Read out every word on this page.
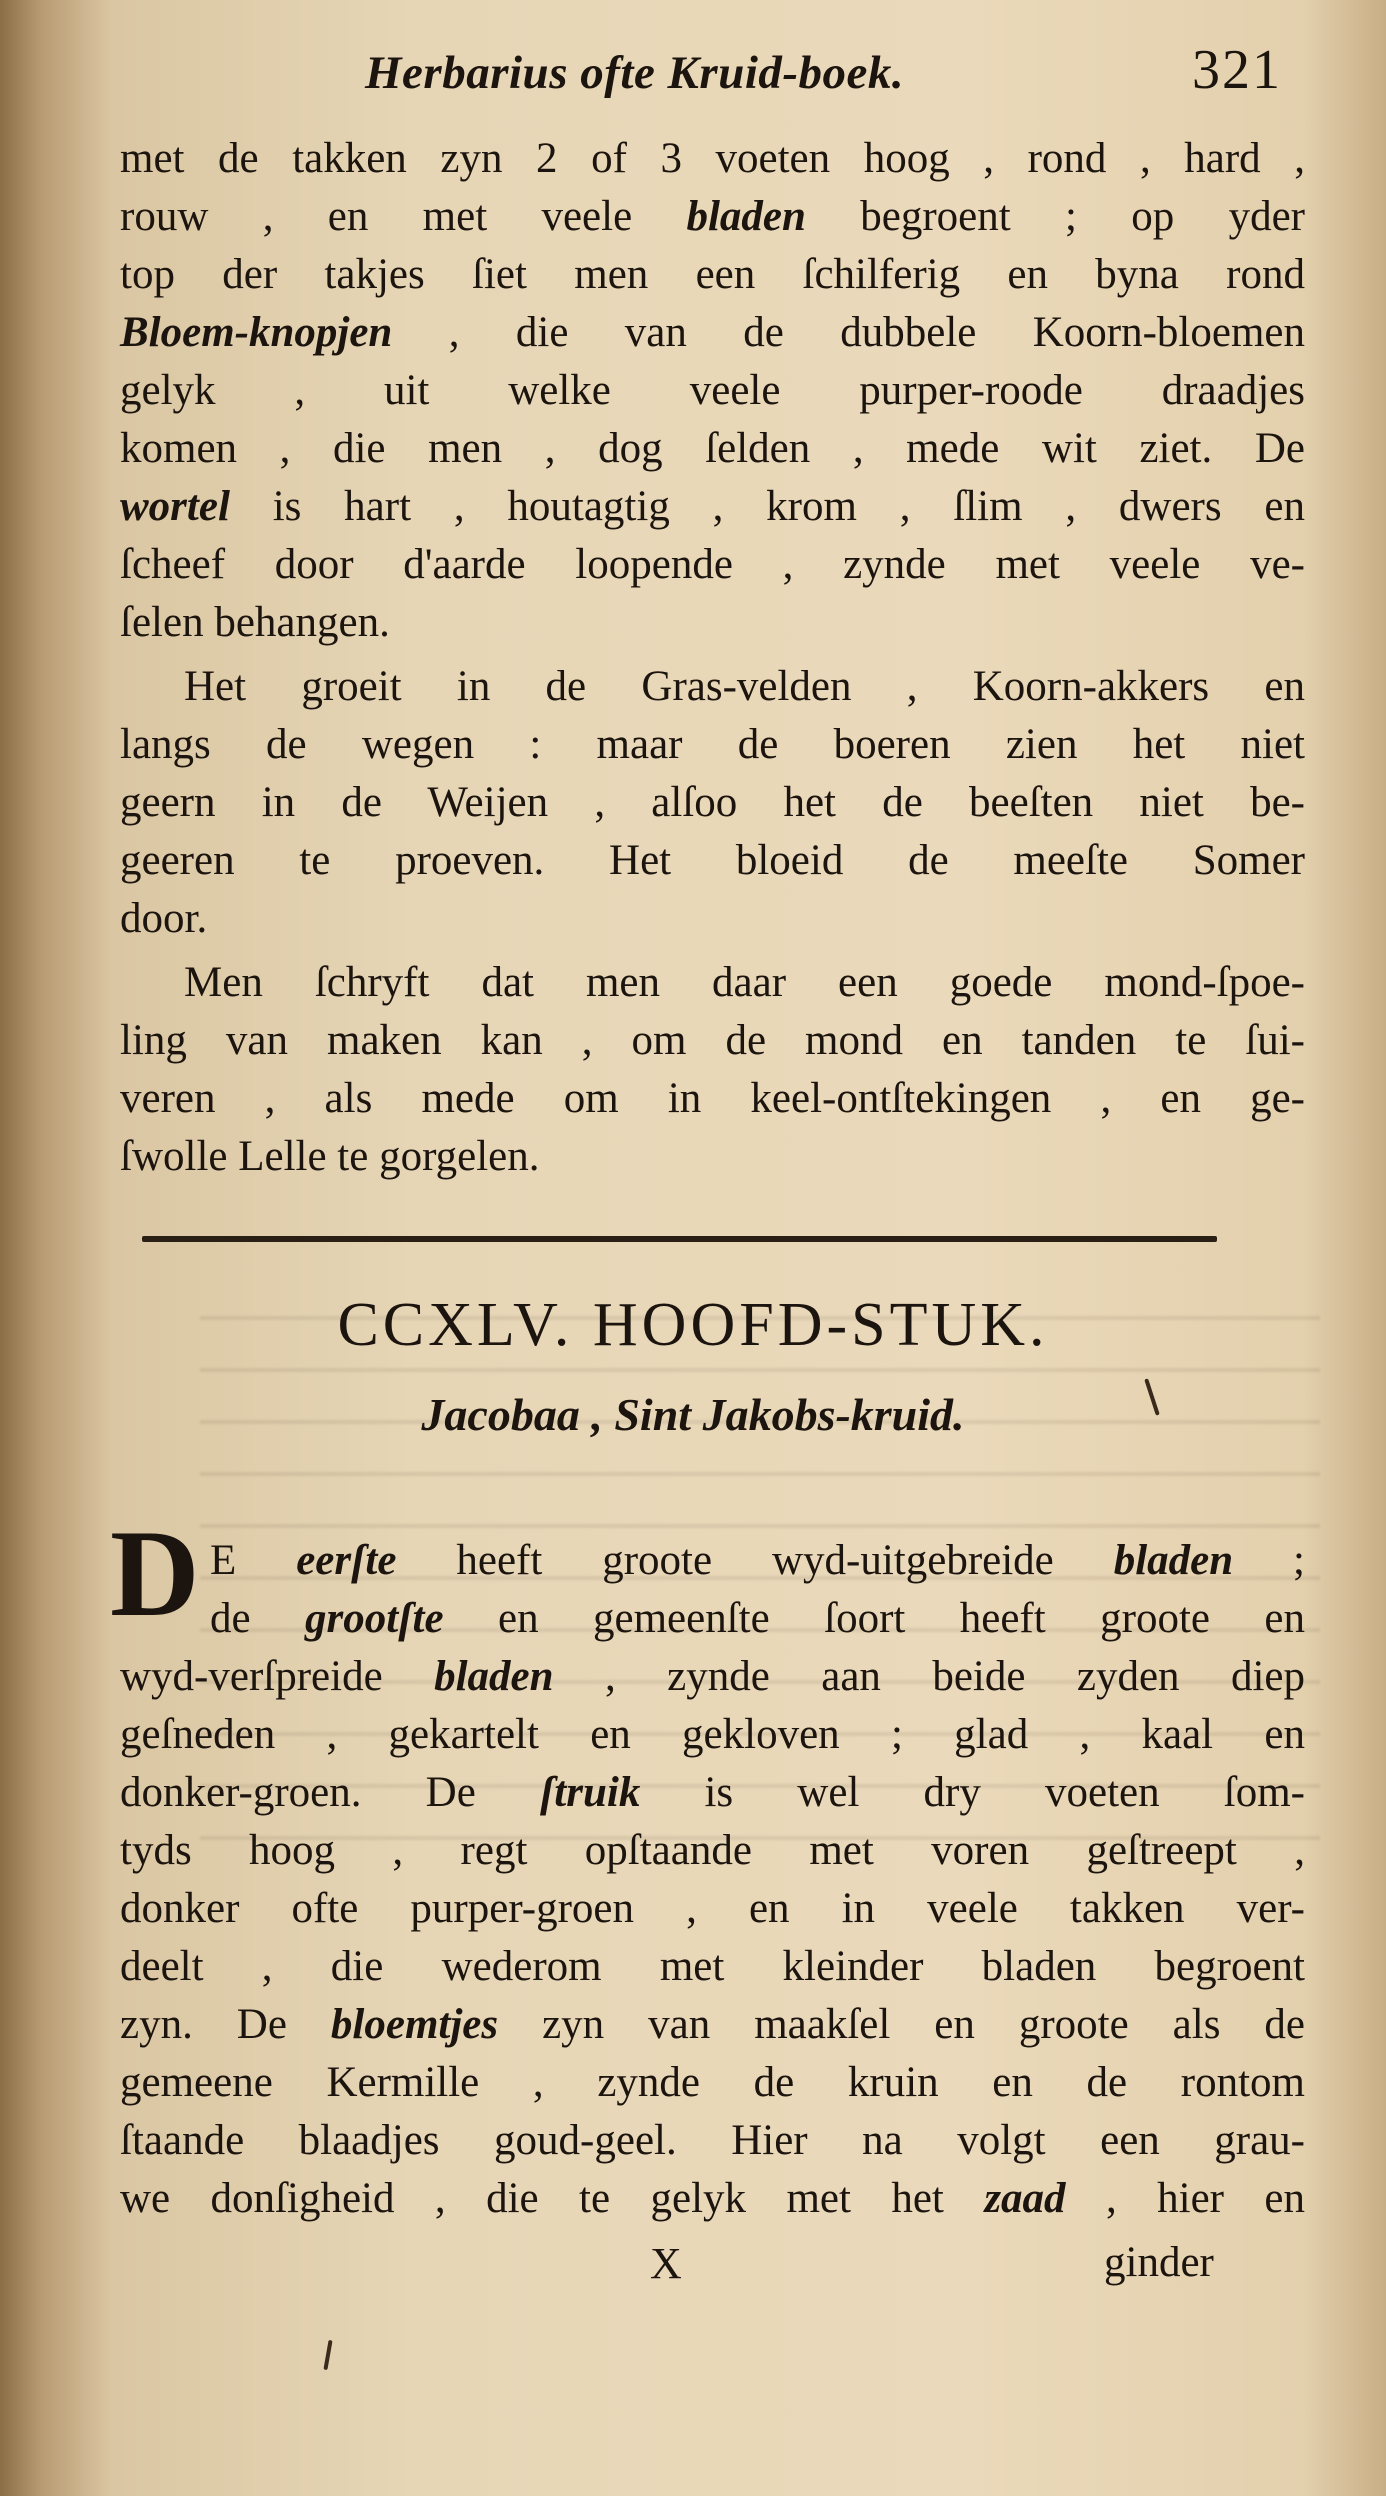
Herbarius ofte Kruid-boek.	321
met de takken zyn 2 of 3 voeten hoog , rond , hard ,
rouw , en met veele bladen begroent ; op yder
top der takjes ſiet men een ſchilferig en byna rond
Bloem-knopjen , die van de dubbele Koorn-bloemen
gelyk , uit welke veele purper-roode draadjes
komen , die men , dog ſelden , mede wit ziet. De
wortel is hart , houtagtig , krom , ſlim , dwers en
ſcheef door d'aarde loopende , zynde met veele ve-
ſelen behangen.
Het groeit in de Gras-velden , Koorn-akkers en
langs de wegen : maar de boeren zien het niet
geern in de Weijen , alſoo het de beeſten niet be-
geeren te proeven. Het bloeid de meeſte Somer
door.
Men ſchryft dat men daar een goede mond-ſpoe-
ling van maken kan , om de mond en tanden te ſui-
veren , als mede om in keel-ontſtekingen , en ge-
ſwolle Lelle te gorgelen.
CCXLV. HOOFD-STUK.
Jacobaa , Sint Jakobs-kruid.
D E eerſte heeft groote wyd-uitgebreide bladen ;
de grootſte en gemeenſte ſoort heeft groote en
wyd-verſpreide bladen , zynde aan beide zyden diep
geſneden , gekartelt en gekloven ; glad , kaal en
donker-groen. De ſtruik is wel dry voeten ſom-
tyds hoog , regt opſtaande met voren geſtreept ,
donker ofte purper-groen , en in veele takken ver-
deelt , die wederom met kleinder bladen begroent
zyn. De bloemtjes zyn van maakſel en groote als de
gemeene Kermille , zynde de kruin en de rontom
ſtaande blaadjes goud-geel. Hier na volgt een grau-
we donſigheid , die te gelyk met het zaad , hier en
X	ginder
